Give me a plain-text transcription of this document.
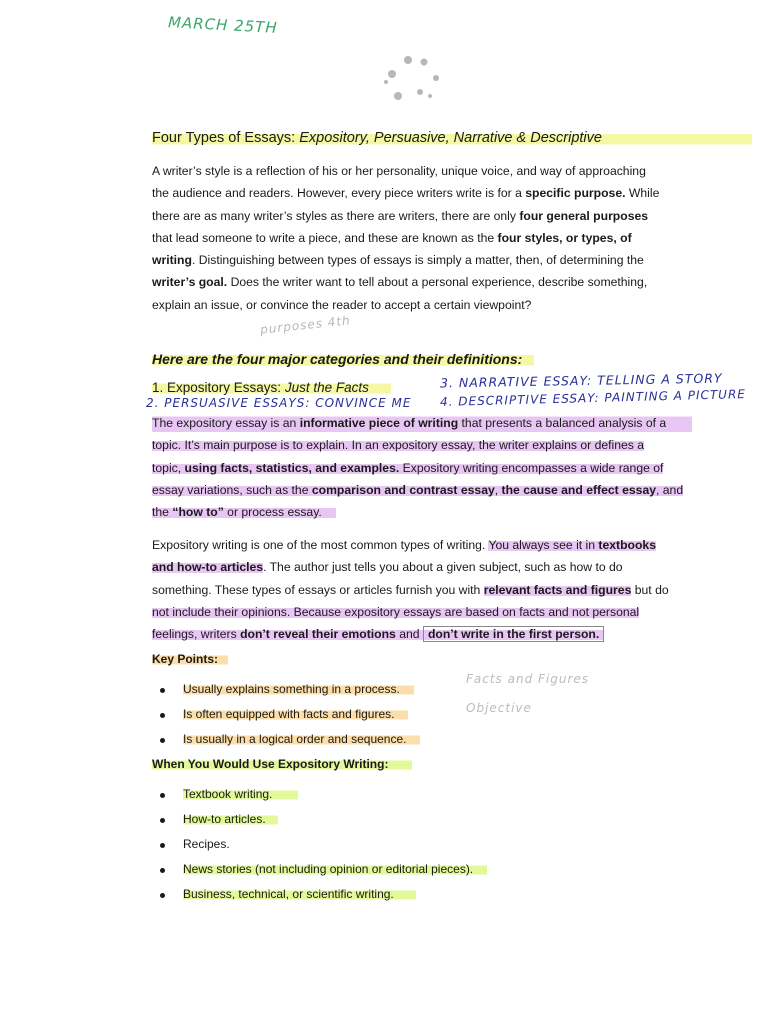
MARCH 25TH
Four Types of Essays: Expository, Persuasive, Narrative & Descriptive
A writer’s style is a reflection of his or her personality, unique voice, and way of approaching
the audience and readers. However, every piece writers write is for a specific purpose. While
there are as many writer’s styles as there are writers, there are only four general purposes
that lead someone to write a piece, and these are known as the four styles, or types, of
writing. Distinguishing between types of essays is simply a matter, then, of determining the
writer’s goal. Does the writer want to tell about a personal experience, describe something,
explain an issue, or convince the reader to accept a certain viewpoint?
purposes 4th
Here are the four major categories and their definitions:
1. Expository Essays: Just the Facts	3. NARRATIVE ESSAY: TELLING A STORY
2. PERSUASIVE ESSAYS: CONVINCE ME 4. DESCRIPTIVE ESSAY: PAINTING A PICTURE
The expository essay is an informative piece of writing that presents a balanced analysis of a
topic. It’s main purpose is to explain. In an expository essay, the writer explains or defines a
topic, using facts, statistics, and examples. Expository writing encompasses a wide range of
essay variations, such as the comparison and contrast essay, the cause and effect essay, and
the “how to” or process essay.
Expository writing is one of the most common types of writing. You always see it in textbooks
and how-to articles. The author just tells you about a given subject, such as how to do
something. These types of essays or articles furnish you with relevant facts and figures but do
not include their opinions. Because expository essays are based on facts and not personal
feelings, writers don’t reveal their emotions and don’t write in the first person.
Key Points:
Usually explains something in a process.
Is often equipped with facts and figures.
Is usually in a logical order and sequence.
Facts and Figures
Objective
When You Would Use Expository Writing:
Textbook writing.
How-to articles.
Recipes.
News stories (not including opinion or editorial pieces).
Business, technical, or scientific writing.
